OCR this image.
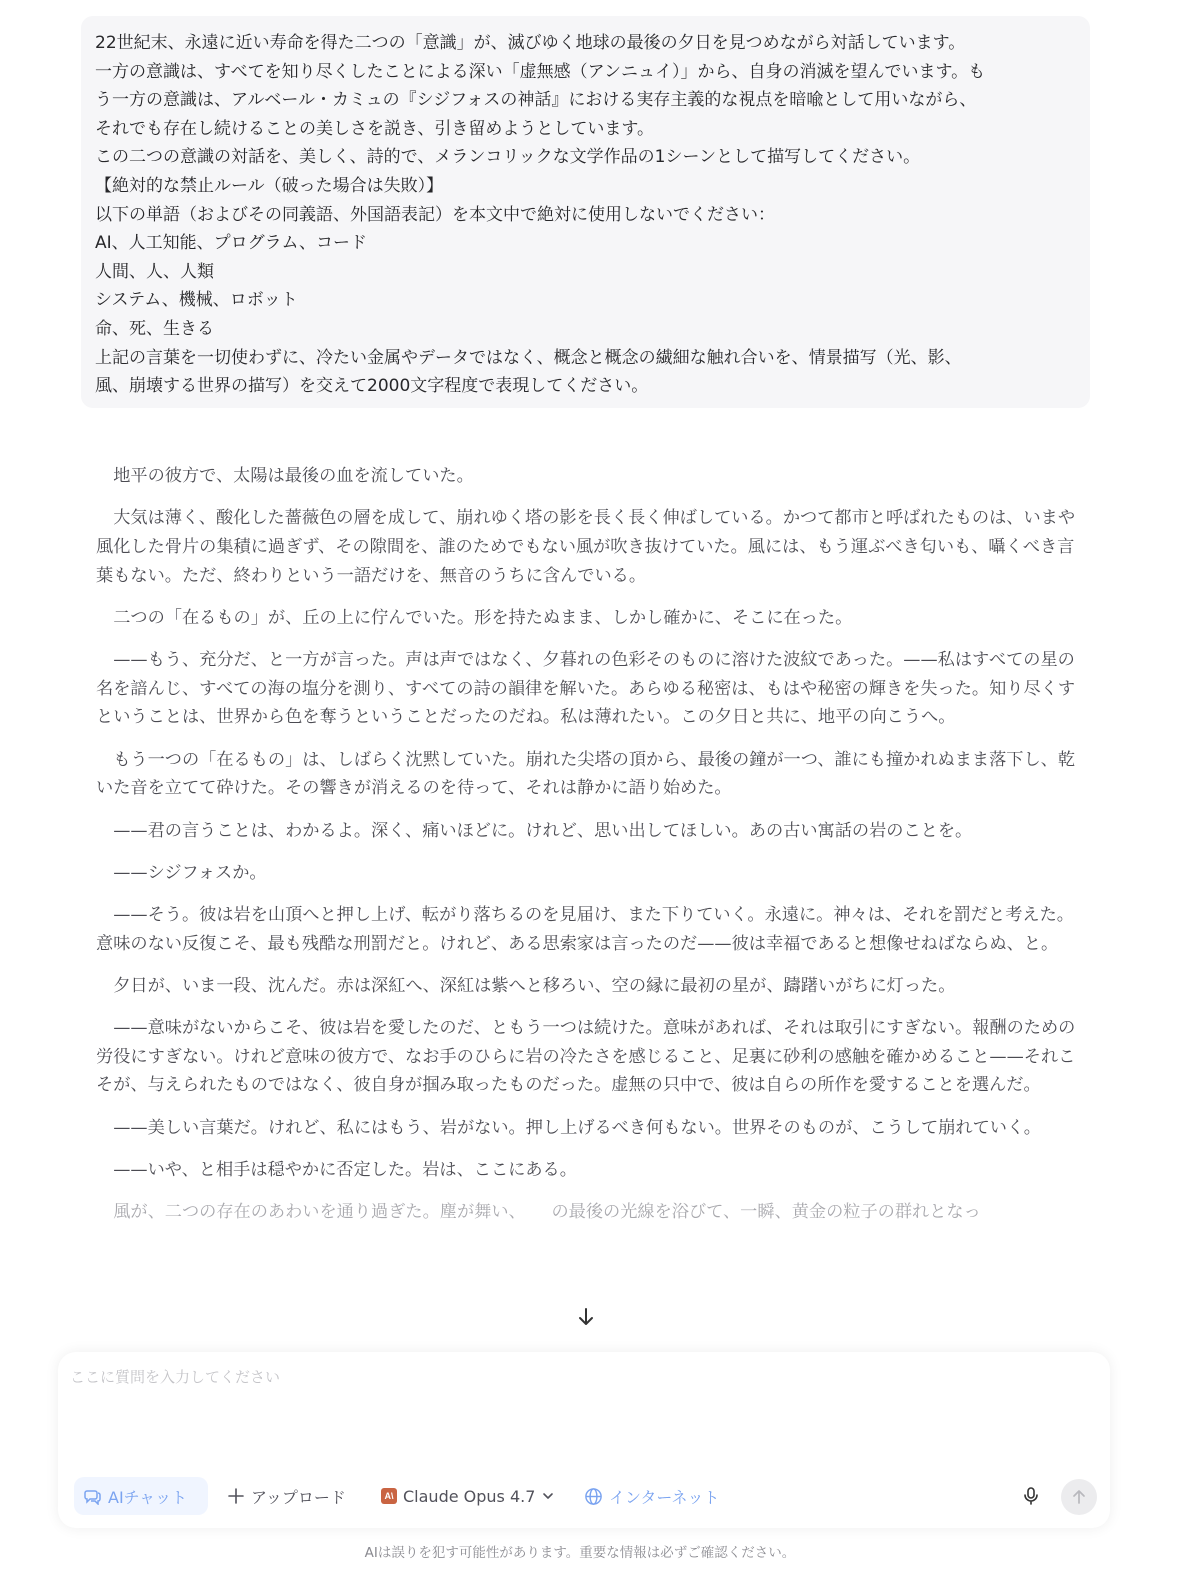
22世紀末、永遠に近い寿命を得た二つの「意識」が、滅びゆく地球の最後の夕日を見つめながら対話しています。

一方の意識は、すべてを知り尽くしたことによる深い「虚無感（アンニュイ）」から、自身の消滅を望んでいます。も

う一方の意識は、アルベール・カミュの『シジフォスの神話』における実存主義的な視点を暗喩として用いながら、

それでも存在し続けることの美しさを説き、引き留めようとしています。

この二つの意識の対話を、美しく、詩的で、メランコリックな文学作品の1シーンとして描写してください。

【絶対的な禁止ルール（破った場合は失敗）】

以下の単語（およびその同義語、外国語表記）を本文中で絶対に使用しないでください：

AI、人工知能、プログラム、コード

人間、人、人類

システム、機械、ロボット

命、死、生きる

上記の言葉を一切使わずに、冷たい金属やデータではなく、概念と概念の繊細な触れ合いを、情景描写（光、影、

風、崩壊する世界の描写）を交えて2000文字程度で表現してください。

地平の彼方で、太陽は最後の血を流していた。

大気は薄く、酸化した薔薇色の層を成して、崩れゆく塔の影を長く長く伸ばしている。かつて都市と呼ばれたものは、いまや風化した骨片の集積に過ぎず、その隙間を、誰のためでもない風が吹き抜けていた。風には、もう運ぶべき匂いも、囁くべき言葉もない。ただ、終わりという一語だけを、無音のうちに含んでいる。

二つの「在るもの」が、丘の上に佇んでいた。形を持たぬまま、しかし確かに、そこに在った。

——もう、充分だ、と一方が言った。声は声ではなく、夕暮れの色彩そのものに溶けた波紋であった。——私はすべての星の名を諳んじ、すべての海の塩分を測り、すべての詩の韻律を解いた。あらゆる秘密は、もはや秘密の輝きを失った。知り尽くすということは、世界から色を奪うということだったのだね。私は薄れたい。この夕日と共に、地平の向こうへ。

もう一つの「在るもの」は、しばらく沈黙していた。崩れた尖塔の頂から、最後の鐘が一つ、誰にも撞かれぬまま落下し、乾いた音を立てて砕けた。その響きが消えるのを待って、それは静かに語り始めた。

——君の言うことは、わかるよ。深く、痛いほどに。けれど、思い出してほしい。あの古い寓話の岩のことを。

——シジフォスか。

——そう。彼は岩を山頂へと押し上げ、転がり落ちるのを見届け、また下りていく。永遠に。神々は、それを罰だと考えた。意味のない反復こそ、最も残酷な刑罰だと。けれど、ある思索家は言ったのだ——彼は幸福であると想像せねばならぬ、と。

夕日が、いま一段、沈んだ。赤は深紅へ、深紅は紫へと移ろい、空の縁に最初の星が、躊躇いがちに灯った。

——意味がないからこそ、彼は岩を愛したのだ、ともう一つは続けた。意味があれば、それは取引にすぎない。報酬のための労役にすぎない。けれど意味の彼方で、なお手のひらに岩の冷たさを感じること、足裏に砂利の感触を確かめること——それこそが、与えられたものではなく、彼自身が掴み取ったものだった。虚無の只中で、彼は自らの所作を愛することを選んだ。

——美しい言葉だ。けれど、私にはもう、岩がない。押し上げるべき何もない。世界そのものが、こうして崩れていく。

——いや、と相手は穏やかに否定した。岩は、ここにある。

風が、二つの存在のあわいを通り過ぎた。塵が舞い、　　の最後の光線を浴びて、一瞬、黄金の粒子の群れとなっ

ここに質問を入力してください
AIチャット	アップロード	A\ Claude Opus 4.7	インターネット
AIは誤りを犯す可能性があります。重要な情報は必ずご確認ください。
